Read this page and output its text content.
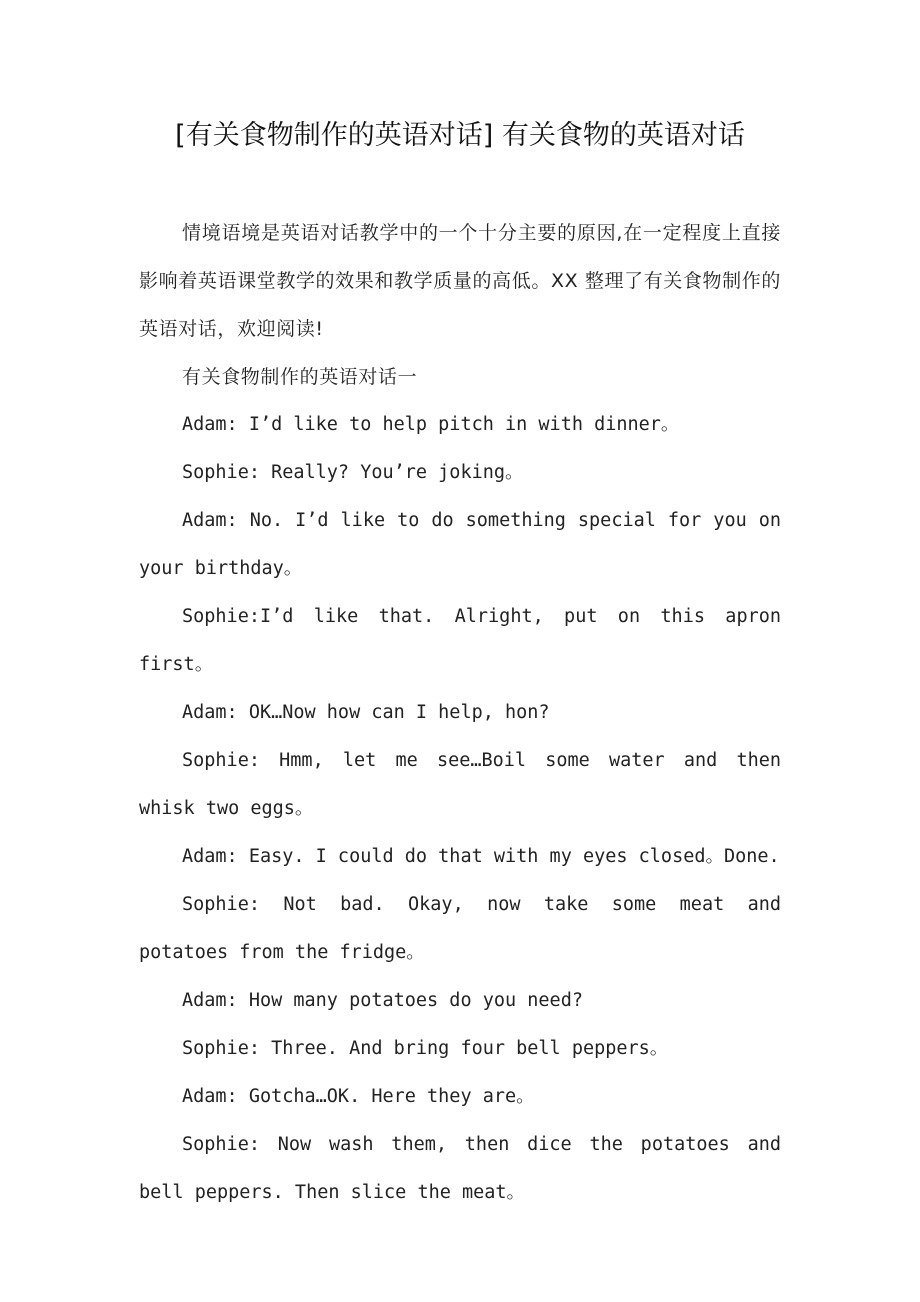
[有关食物制作的英语对话] 有关食物的英语对话

情境语境是英语对话教学中的一个十分主要的原因,在一定程度上直接影响着英语课堂教学的效果和教学质量的高低。XX 整理了有关食物制作的英语对话，欢迎阅读!

有关食物制作的英语对话一

Adam: I’d like to help pitch in with dinner。

Sophie: Really? You’re joking。

Adam: No. I’d like to do something special for you on your birthday。

Sophie:I’d like that. Alright, put on this apron first。

Adam: OK…Now how can I help, hon?

Sophie: Hmm, let me see…Boil some water and then whisk two eggs。

Adam: Easy. I could do that with my eyes closed。Done.

Sophie: Not bad. Okay, now take some meat and potatoes from the fridge。

Adam: How many potatoes do you need?

Sophie: Three. And bring four bell peppers。

Adam: Gotcha…OK. Here they are。

Sophie: Now wash them, then dice the potatoes and bell peppers. Then slice the meat。
